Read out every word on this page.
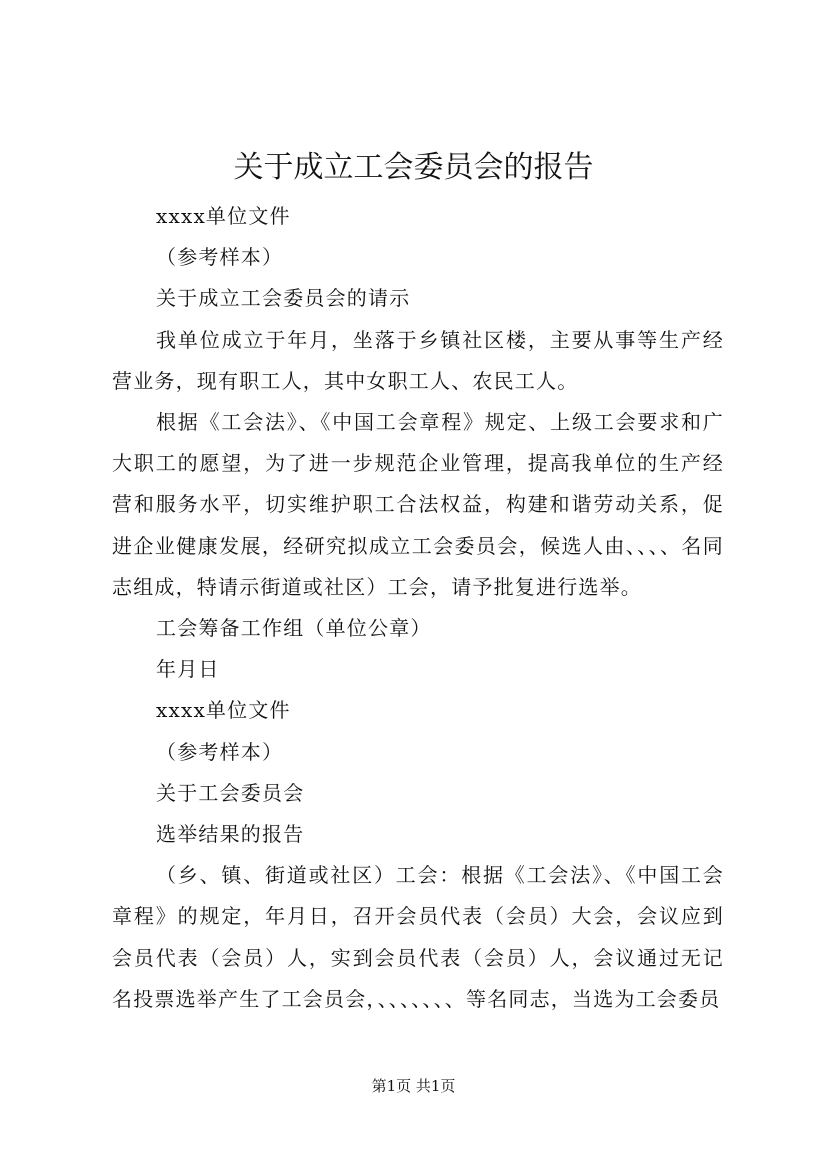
关于成立工会委员会的报告

xxxx单位文件

（参考样本）

关于成立工会委员会的请示

我单位成立于年月，坐落于乡镇社区楼，主要从事等生产经营业务，现有职工人，其中女职工人、农民工人。

根据《工会法》、《中国工会章程》规定、上级工会要求和广大职工的愿望，为了进一步规范企业管理，提高我单位的生产经营和服务水平，切实维护职工合法权益，构建和谐劳动关系，促进企业健康发展，经研究拟成立工会委员会，候选人由、、、、名同志组成，特请示街道或社区）工会，请予批复进行选举。

工会筹备工作组（单位公章）

年月日

xxxx单位文件

（参考样本）

关于工会委员会

选举结果的报告

（乡、镇、街道或社区）工会：根据《工会法》、《中国工会章程》的规定，年月日，召开会员代表（会员）大会，会议应到会员代表（会员）人，实到会员代表（会员）人，会议通过无记名投票选举产生了工会员会，、、、、、、、等名同志，当选为工会委员

第1页 共1页
